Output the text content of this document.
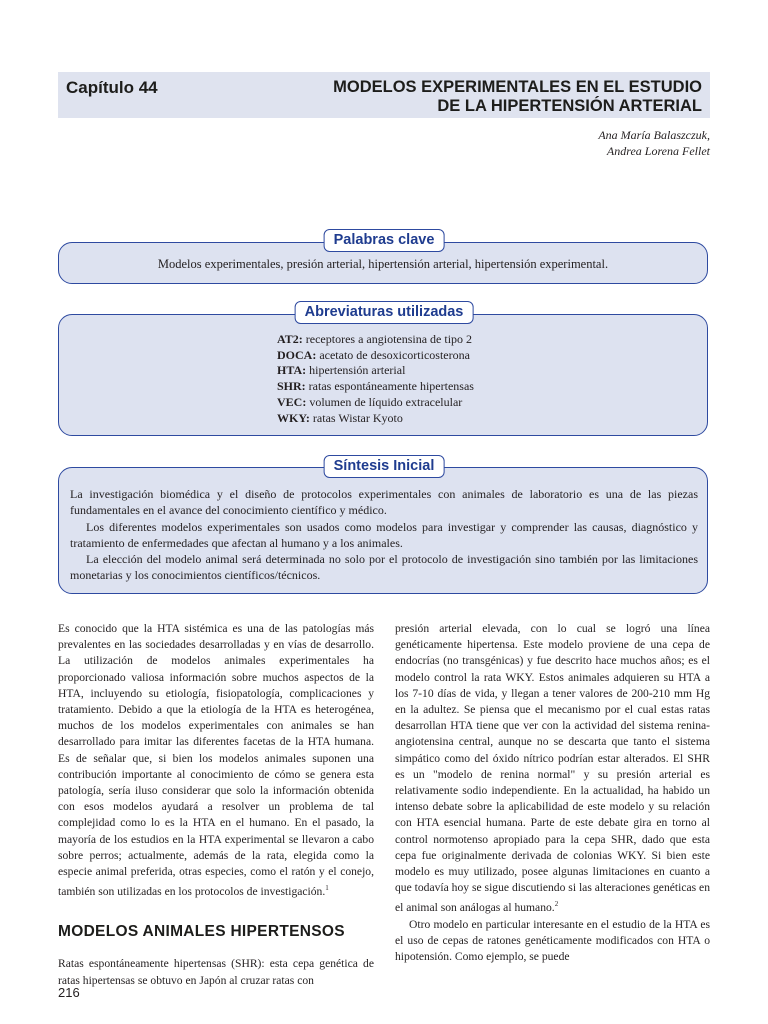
Capítulo 44	MODELOS EXPERIMENTALES EN EL ESTUDIO
DE LA HIPERTENSIÓN ARTERIAL
Ana María Balaszczuk,
Andrea Lorena Fellet
Palabras clave
Modelos experimentales, presión arterial, hipertensión arterial, hipertensión experimental.
Abreviaturas utilizadas
AT2: receptores a angiotensina de tipo 2
DOCA: acetato de desoxicorticosterona
HTA: hipertensión arterial
SHR: ratas espontáneamente hipertensas
VEC: volumen de líquido extracelular
WKY: ratas Wistar Kyoto
Síntesis Inicial

La investigación biomédica y el diseño de protocolos experimentales con animales de laboratorio es una de las piezas fundamentales en el avance del conocimiento científico y médico.

Los diferentes modelos experimentales son usados como modelos para investigar y comprender las causas, diagnóstico y tratamiento de enfermedades que afectan al humano y a los animales.

La elección del modelo animal será determinada no solo por el protocolo de investigación sino también por las limitaciones monetarias y los conocimientos científicos/técnicos.

Es conocido que la HTA sistémica es una de las patologías más prevalentes en las sociedades desarrolladas y en vías de desarrollo. La utilización de modelos animales experimentales ha proporcionado valiosa información sobre muchos aspectos de la HTA, incluyendo su etiología, fisiopatología, complicaciones y tratamiento. Debido a que la etiología de la HTA es heterogénea, muchos de los modelos experimentales con animales se han desarrollado para imitar las diferentes facetas de la HTA humana. Es de señalar que, si bien los modelos animales suponen una contribución importante al conocimiento de cómo se genera esta patología, sería iluso considerar que solo la información obtenida con esos modelos ayudará a resolver un problema de tal complejidad como lo es la HTA en el humano. En el pasado, la mayoría de los estudios en la HTA experimental se llevaron a cabo sobre perros; actualmente, además de la rata, elegida como la especie animal preferida, otras especies, como el ratón y el conejo, también son utilizadas en los protocolos de investigación.$^1$

MODELOS ANIMALES HIPERTENSOS

Ratas espontáneamente hipertensas (SHR): esta cepa genética de ratas hipertensas se obtuvo en Japón al cruzar ratas con

presión arterial elevada, con lo cual se logró una línea genéticamente hipertensa. Este modelo proviene de una cepa de endocrías (no transgénicas) y fue descrito hace muchos años; es el modelo control la rata WKY. Estos animales adquieren su HTA a los 7-10 días de vida, y llegan a tener valores de 200-210 mm Hg en la adultez. Se piensa que el mecanismo por el cual estas ratas desarrollan HTA tiene que ver con la actividad del sistema renina-angiotensina central, aunque no se descarta que tanto el sistema simpático como del óxido nítrico podrían estar alterados. El SHR es un "modelo de renina normal" y su presión arterial es relativamente sodio independiente. En la actualidad, ha habido un intenso debate sobre la aplicabilidad de este modelo y su relación con HTA esencial humana. Parte de este debate gira en torno al control normotenso apropiado para la cepa SHR, dado que esta cepa fue originalmente derivada de colonias WKY. Si bien este modelo es muy utilizado, posee algunas limitaciones en cuanto a que todavía hoy se sigue discutiendo si las alteraciones genéticas en el animal son análogas al humano.$^2$

Otro modelo en particular interesante en el estudio de la HTA es el uso de cepas de ratones genéticamente modificados con HTA o hipotensión. Como ejemplo, se puede

216
